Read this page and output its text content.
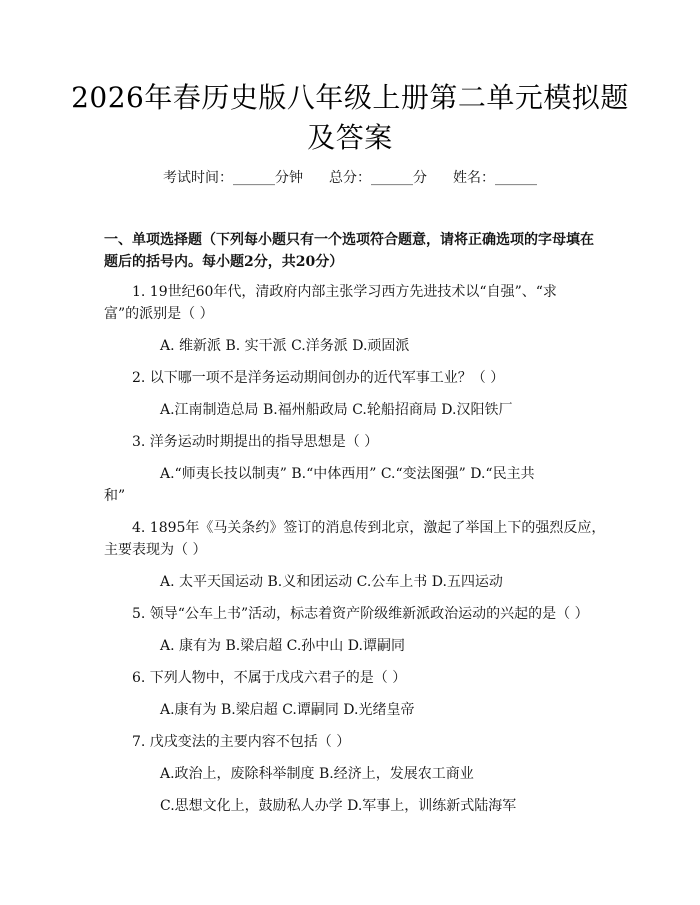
2026年春历史版八年级上册第二单元模拟题
及答案
考试时间：______分钟 总分：______分 姓名：______
一、单项选择题（下列每小题只有一个选项符合题意，请将正确选项的字母填在
题后的括号内。每小题2分，共20分）
1. 19世纪60年代，清政府内部主张学习西方先进技术以“自强”、“求
富”的派别是（ ）
A. 维新派 B. 实干派 C.洋务派 D.顽固派
2. 以下哪一项不是洋务运动期间创办的近代军事工业？（ ）
A.江南制造总局 B.福州船政局 C.轮船招商局 D.汉阳铁厂
3. 洋务运动时期提出的指导思想是（ ）
A.“师夷长技以制夷” B.“中体西用” C.“变法图强” D.“民主共
和”
4. 1895年《马关条约》签订的消息传到北京，激起了举国上下的强烈反应，
主要表现为（ ）
A. 太平天国运动 B.义和团运动 C.公车上书 D.五四运动
5. 领导“公车上书”活动，标志着资产阶级维新派政治运动的兴起的是（ ）
A. 康有为 B.梁启超 C.孙中山 D.谭嗣同
6. 下列人物中，不属于戊戌六君子的是（ ）
A.康有为 B.梁启超 C.谭嗣同 D.光绪皇帝
7. 戊戌变法的主要内容不包括（ ）
A.政治上，废除科举制度 B.经济上，发展农工商业
C.思想文化上，鼓励私人办学 D.军事上，训练新式陆海军
